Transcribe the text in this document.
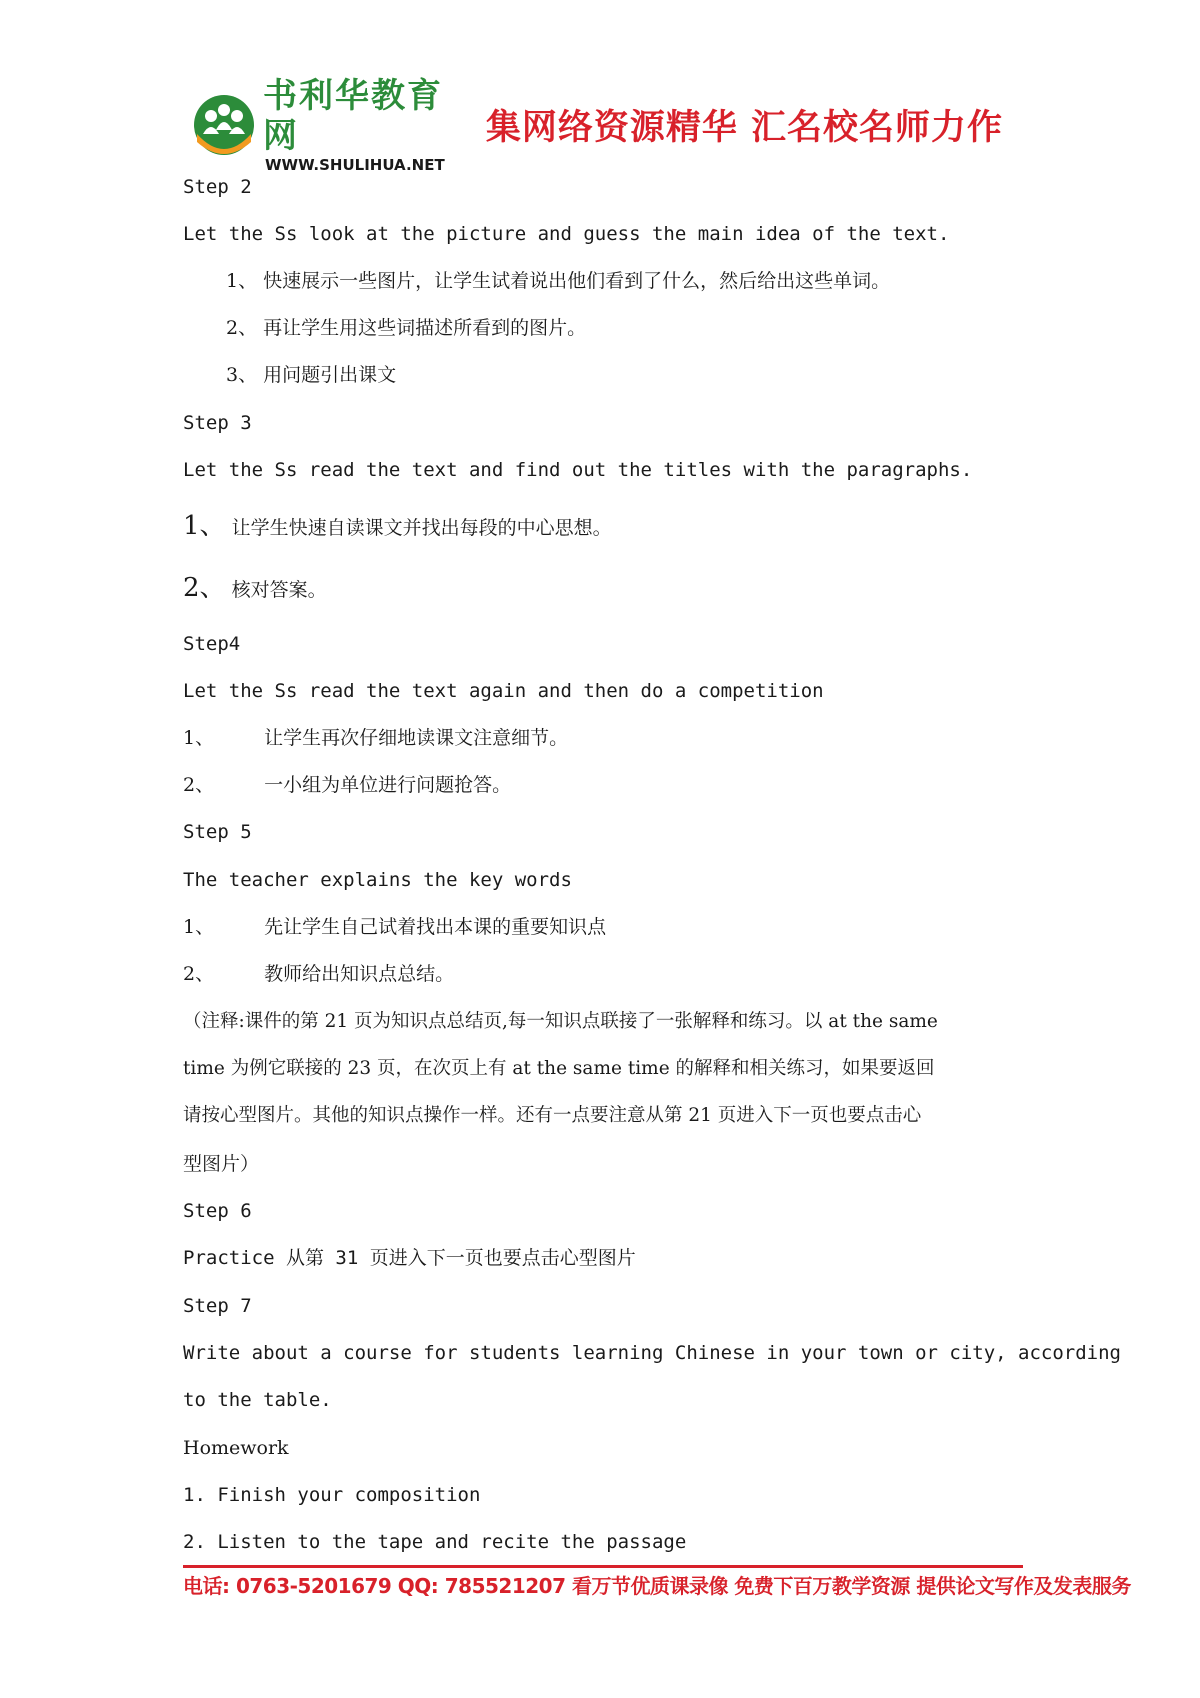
书利华教育网
WWW.SHULIHUA.NET
集网络资源精华 汇名校名师力作
Step 2
Let the Ss look at the picture and guess the main idea of the text.
1、 快速展示一些图片，让学生试着说出他们看到了什么，然后给出这些单词。
2、 再让学生用这些词描述所看到的图片。
3、 用问题引出课文
Step 3
Let the Ss read the text and find out the titles with the paragraphs.
1、 让学生快速自读课文并找出每段的中心思想。
2、 核对答案。
Step4
Let the Ss read the text again and then do a competition
1、	让学生再次仔细地读课文注意细节。
2、	一小组为单位进行问题抢答。
Step 5
The teacher explains the key words
1、	先让学生自己试着找出本课的重要知识点
2、	教师给出知识点总结。
（注释:课件的第 21 页为知识点总结页,每一知识点联接了一张解释和练习。以 at the same
time 为例它联接的 23 页，在次页上有 at the same time 的解释和相关练习，如果要返回
请按心型图片。其他的知识点操作一样。还有一点要注意从第 21 页进入下一页也要点击心
型图片）
Step 6
Practice 从第 31 页进入下一页也要点击心型图片
Step 7
Write about a course for students learning Chinese in your town or city, according
to the table.
Homework
1. Finish your composition
2. Listen to the tape and recite the passage
电话: 0763-5201679 QQ: 785521207 看万节优质课录像 免费下百万教学资源 提供论文写作及发表服务
